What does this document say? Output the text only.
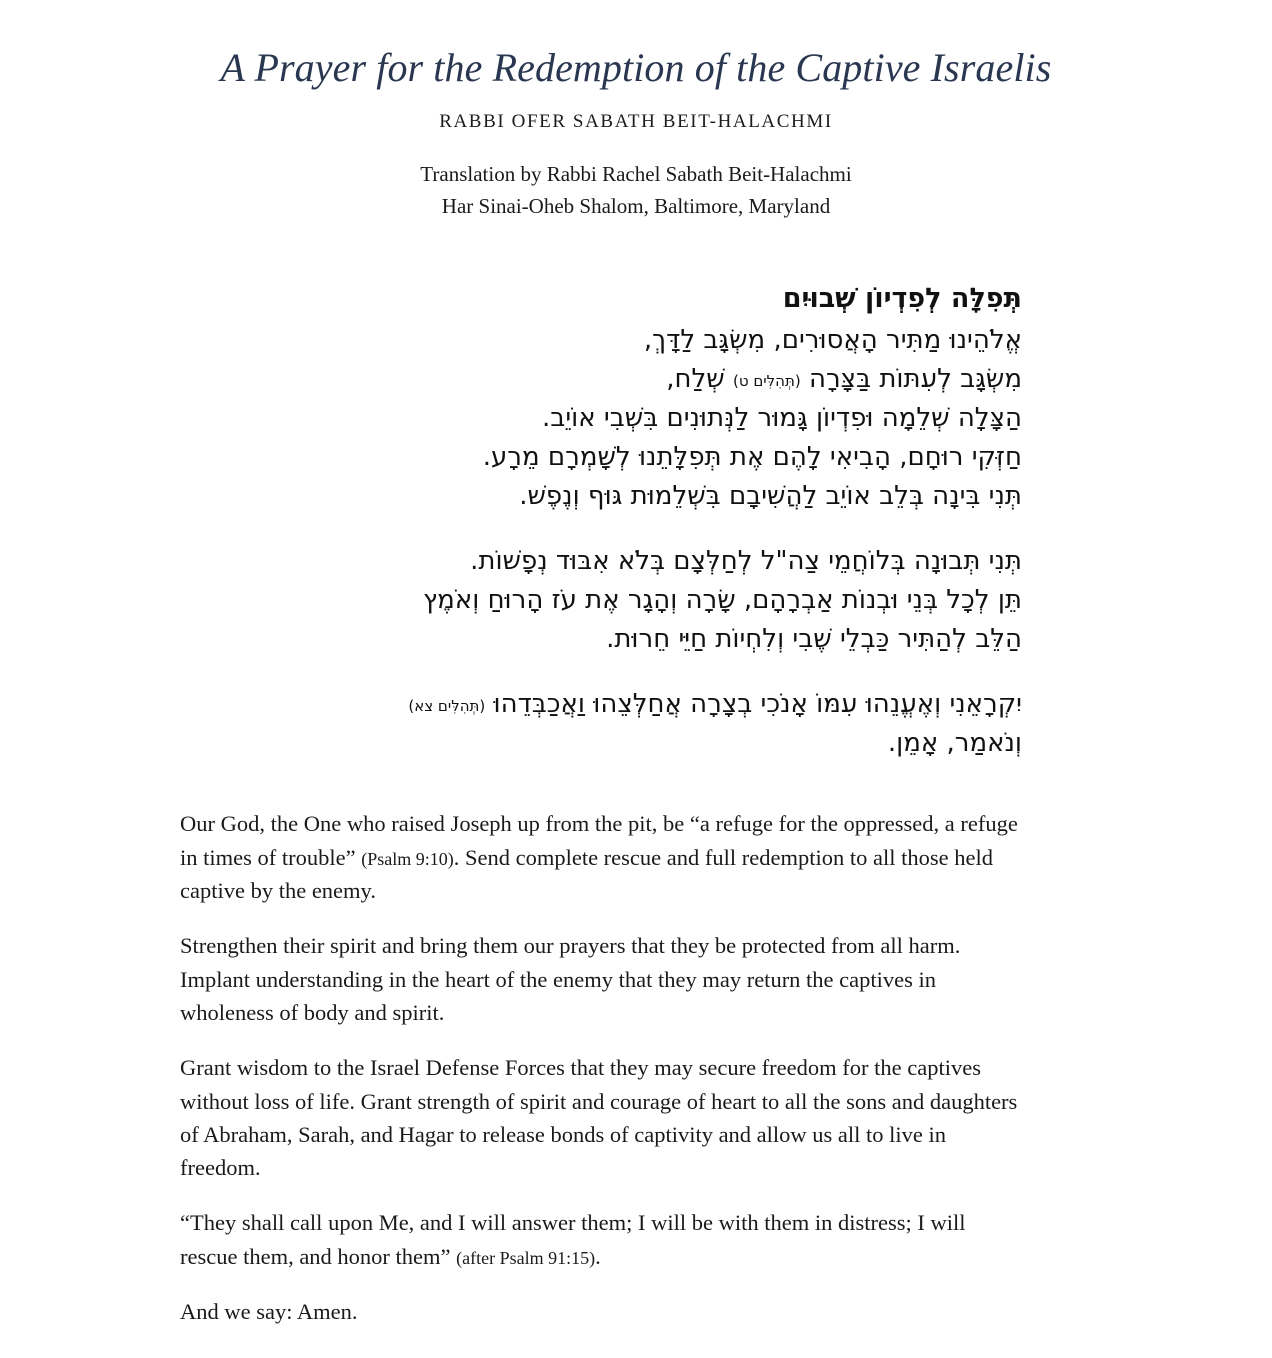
A Prayer for the Redemption of the Captive Israelis
RABBI OFER SABATH BEIT-HALACHMI
Translation by Rabbi Rachel Sabath Beit-Halachmi
Har Sinai-Oheb Shalom, Baltimore, Maryland
תְּפִלָּה לְפִדְיוֹן שְׁבוּיִם
אֱלֹהֵינוּ מַתִּיר הָאֲסוּרִים, מִשְׂגָּב לַדָּךְ,
מִשְׂגָּב לְעִתּוֹת בַּצָּרָה (תְּהִלִּים ט) שְׁלַח,
הַצָּלָה שְׁלֵמָה וּפִדְיוֹן גָּמוּר לַנְּתוּנִים בִּשְׁבִי אוֹיֵב.
חַזְּקִי רוּחָם, הָבִיאִי לָהֶם אֶת תְּפִלָּתֵנוּ לְשָׁמְרָם מֵרָע.
תְּנִי בִּינָה בְּלֵב אוֹיֵב לַהֲשִׁיבָם בִּשְׁלֵמוּת גּוּף וְנֶפֶשׁ.
תְּנִי תְּבוּנָה בְּלוֹחֲמֵי צַה"ל לְחַלְּצָם בְּלֹא אִבּוּד נְפָשׁוֹת.
תֵּן לְכָל בְּנֵי וּבְנוֹת אַבְרָהָם, שָׂרָה וְהָגָר אֶת עֹז הָרוּחַ וְאֹמֶץ
הַלֵּב לְהַתִּיר כַּבְלֵי שֶׁבִי וְלִחְיוֹת חַיֵּי חֵרוּת.
יִקְרָאֵנִי וְאֶעֱנֵהוּ עִמּוֹ אָנֹכִי בְצָרָה אֲחַלְּצֵהוּ וַאֲכַבְּדֵהוּ (תְּהִלִּים צא)
וְנֹאמַר, אָמֵן.

Our God, the One who raised Joseph up from the pit, be “a refuge for the oppressed, a refuge in times of trouble” (Psalm 9:10). Send complete rescue and full redemption to all those held captive by the enemy.

Strengthen their spirit and bring them our prayers that they be protected from all harm. Implant understanding in the heart of the enemy that they may return the captives in wholeness of body and spirit.

Grant wisdom to the Israel Defense Forces that they may secure freedom for the captives without loss of life. Grant strength of spirit and courage of heart to all the sons and daughters of Abraham, Sarah, and Hagar to release bonds of captivity and allow us all to live in freedom.

“They shall call upon Me, and I will answer them; I will be with them in distress; I will rescue them, and honor them” (after Psalm 91:15).

And we say: Amen.
